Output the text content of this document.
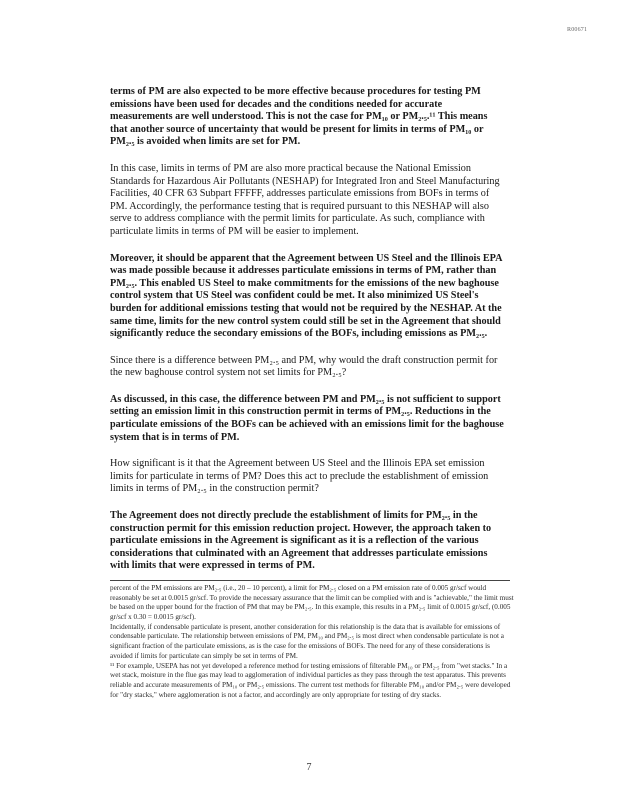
R00671

terms of PM are also expected to be more effective because procedures for testing PM emissions have been used for decades and the conditions needed for accurate measurements are well understood. This is not the case for PM₁₀ or PM₂.₅.¹¹ This means that another source of uncertainty that would be present for limits in terms of PM₁₀ or PM₂.₅ is avoided when limits are set for PM.

In this case, limits in terms of PM are also more practical because the National Emission Standards for Hazardous Air Pollutants (NESHAP) for Integrated Iron and Steel Manufacturing Facilities, 40 CFR 63 Subpart FFFFF, addresses particulate emissions from BOFs in terms of PM. Accordingly, the performance testing that is required pursuant to this NESHAP will also serve to address compliance with the permit limits for particulate. As such, compliance with particulate limits in terms of PM will be easier to implement.

Moreover, it should be apparent that the Agreement between US Steel and the Illinois EPA was made possible because it addresses particulate emissions in terms of PM, rather than PM₂.₅. This enabled US Steel to make commitments for the emissions of the new baghouse control system that US Steel was confident could be met. It also minimized US Steel's burden for additional emissions testing that would not be required by the NESHAP. At the same time, limits for the new control system could still be set in the Agreement that should significantly reduce the secondary emissions of the BOFs, including emissions as PM₂.₅.

Since there is a difference between PM₂.₅ and PM, why would the draft construction permit for the new baghouse control system not set limits for PM₂.₅?

As discussed, in this case, the difference between PM and PM₂.₅ is not sufficient to support setting an emission limit in this construction permit in terms of PM₂.₅. Reductions in the particulate emissions of the BOFs can be achieved with an emissions limit for the baghouse system that is in terms of PM.

How significant is it that the Agreement between US Steel and the Illinois EPA set emission limits for particulate in terms of PM? Does this act to preclude the establishment of emission limits in terms of PM₂.₅ in the construction permit?

The Agreement does not directly preclude the establishment of limits for PM₂.₅ in the construction permit for this emission reduction project. However, the approach taken to particulate emissions in the Agreement is significant as it is a reflection of the various considerations that culminated with an Agreement that addresses particulate emissions with limits that were expressed in terms of PM.

percent of the PM emissions are PM₂.₅ (i.e., 20 – 10 percent), a limit for PM₂.₅ closed on a PM emission rate of 0.005 gr/scf would reasonably be set at 0.0015 gr/scf. To provide the necessary assurance that the limit can be complied with and is "achievable," the limit must be based on the upper bound for the fraction of PM that may be PM₂.₅. In this example, this results in a PM₂.₅ limit of 0.0015 gr/scf, (0.005 gr/scf x 0.30 = 0.0015 gr/scf).

Incidentally, if condensable particulate is present, another consideration for this relationship is the data that is available for emissions of condensable particulate. The relationship between emissions of PM, PM₁₀ and PM₂.₅ is most direct when condensable particulate is not a significant fraction of the particulate emissions, as is the case for the emissions of BOFs. The need for any of these considerations is avoided if limits for particulate can simply be set in terms of PM.

¹¹ For example, USEPA has not yet developed a reference method for testing emissions of filterable PM₁₀ or PM₂.₅ from "wet stacks." In a wet stack, moisture in the flue gas may lead to agglomeration of individual particles as they pass through the test apparatus. This prevents reliable and accurate measurements of PM₁₀ or PM₂.₅ emissions. The current test methods for filterable PM₁₀ and/or PM₂.₅ were developed for "dry stacks," where agglomeration is not a factor, and accordingly are only appropriate for testing of dry stacks.

7
